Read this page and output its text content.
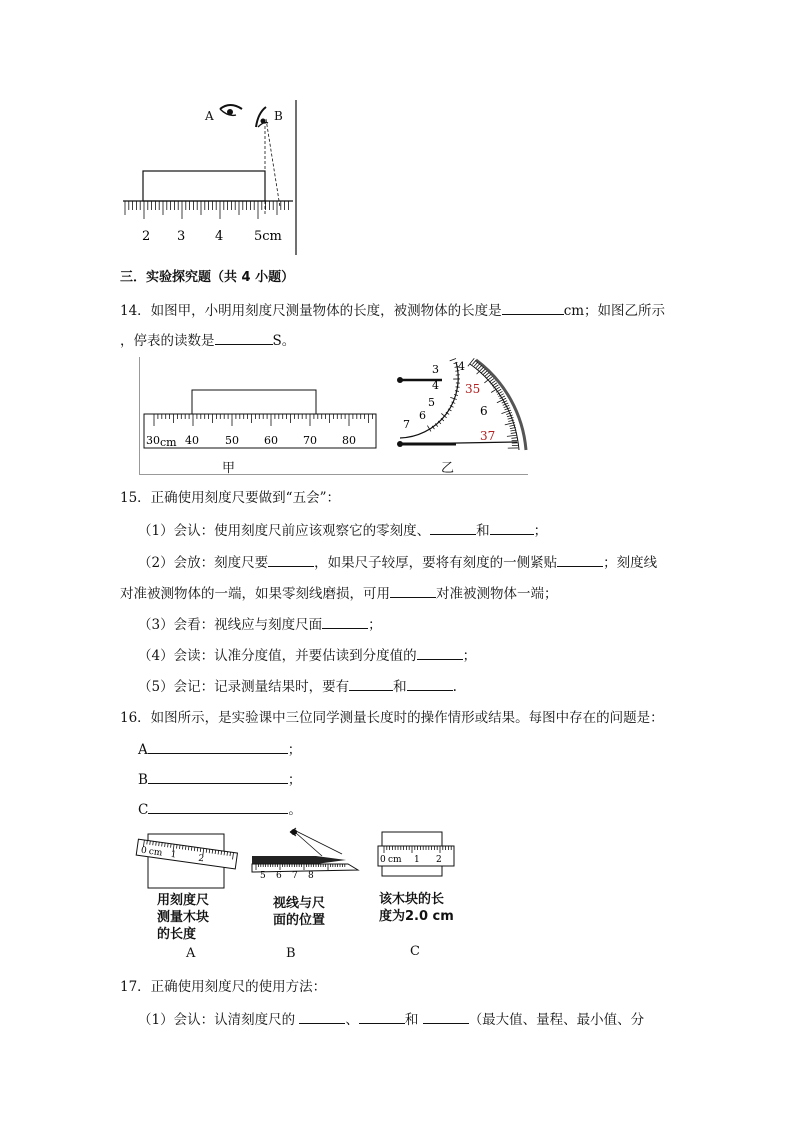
2 3 4 5cm
A	B
三．实验探究题（共 4 小题）
14．如图甲，小明用刻度尺测量物体的长度，被测物体的长度是	cm；如图乙所示
，停表的读数是	S。
30 cm 40 50 60 70 80
甲
3 4
4
5
6
7
35
6
37
乙
15．正确使用刻度尺要做到“五会”：
（1）会认：使用刻度尺前应该观察它的零刻度、	和	；
（2）会放：刻度尺要	，如果尺子较厚，要将有刻度的一侧紧贴	；刻度线
对准被测物体的一端，如果零刻线磨损，可用	对准被测物体一端；
（3）会看：视线应与刻度尺面	；
（4）会读：认准分度值，并要估读到分度值的	；
（5）会记：记录测量结果时，要有	和	.
16．如图所示，是实验课中三位同学测量长度时的操作情形或结果。每图中存在的问题是：
A	；
B	；
C	。
0 cm 1 2
用刻度尺
测量木块
的长度
A
5 6 7 8
视线与尺
面的位置
B
0 cm 1 2
该木块的长
度为2.0 cm
C
17．正确使用刻度尺的使用方法：
（1）会认：认清刻度尺的	、	和	（最大值、量程、最小值、分
